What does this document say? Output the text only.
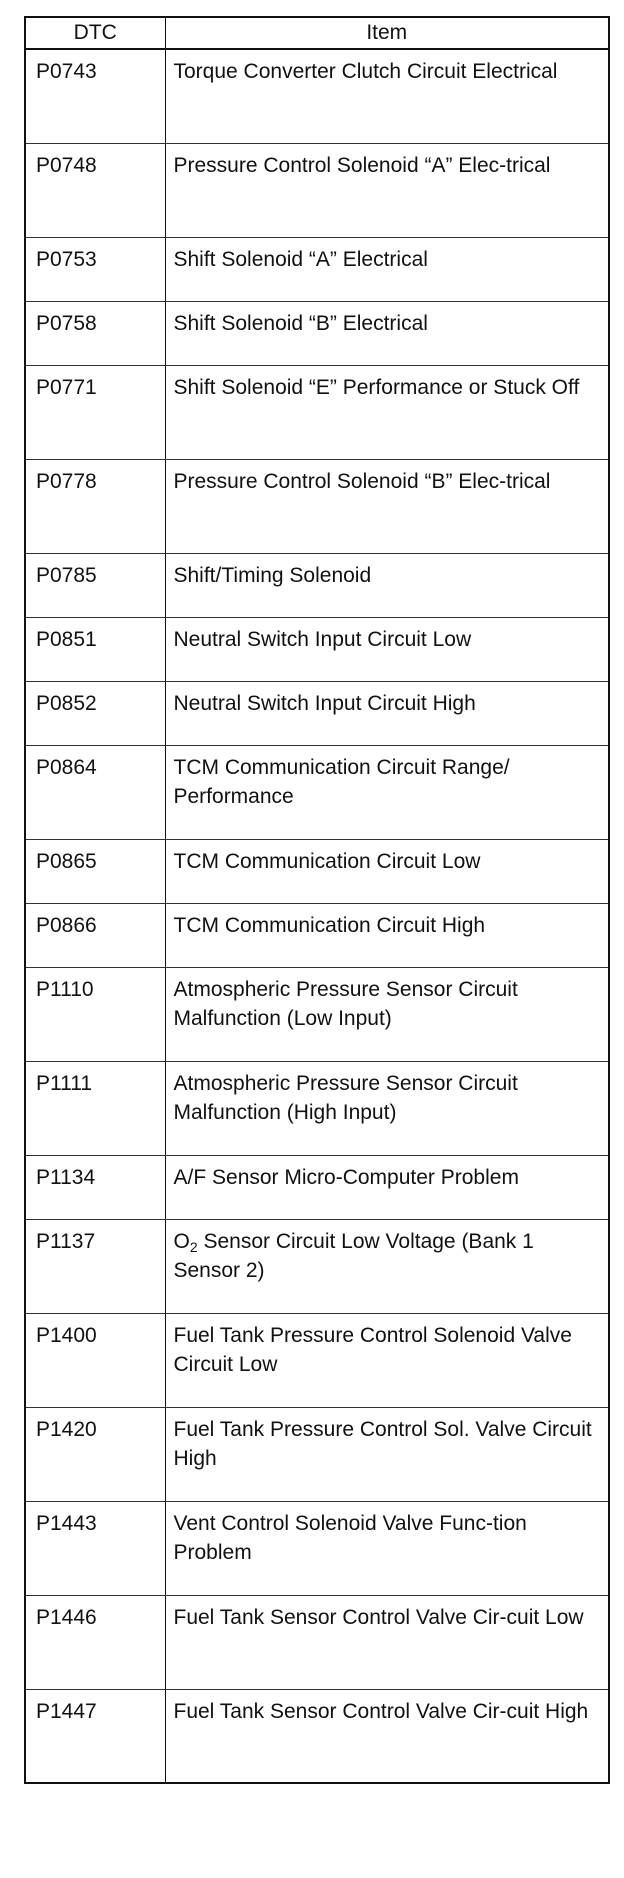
DTC	Item
P0743	Torque Converter Clutch Circuit Electrical
P0748	Pressure Control Solenoid “A” Elec-trical
P0753	Shift Solenoid “A” Electrical
P0758	Shift Solenoid “B” Electrical
P0771	Shift Solenoid “E” Performance or Stuck Off
P0778	Pressure Control Solenoid “B” Elec-trical
P0785	Shift/Timing Solenoid
P0851	Neutral Switch Input Circuit Low
P0852	Neutral Switch Input Circuit High
P0864	TCM Communication Circuit Range/ Performance
P0865	TCM Communication Circuit Low
P0866	TCM Communication Circuit High
P1110	Atmospheric Pressure Sensor Circuit Malfunction (Low Input)
P1111	Atmospheric Pressure Sensor Circuit Malfunction (High Input)
P1134	A/F Sensor Micro-Computer Problem
P1137	$O_2$ Sensor Circuit Low Voltage (Bank 1 Sensor 2)
P1400	Fuel Tank Pressure Control Solenoid Valve Circuit Low
P1420	Fuel Tank Pressure Control Sol. Valve Circuit High
P1443	Vent Control Solenoid Valve Func-tion Problem
P1446	Fuel Tank Sensor Control Valve Cir-cuit Low
P1447	Fuel Tank Sensor Control Valve Cir-cuit High
